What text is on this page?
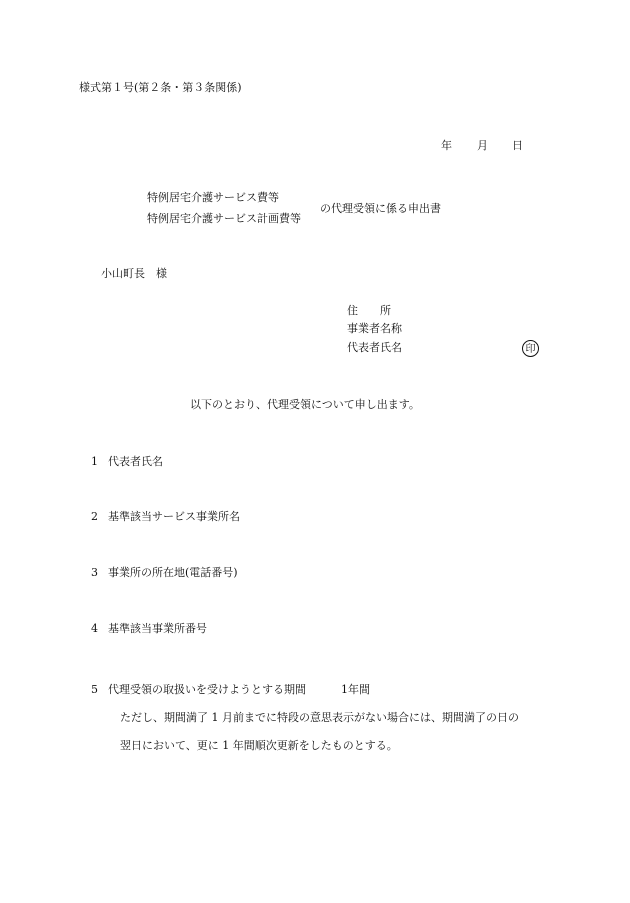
様式第１号(第２条・第３条関係)
年 月 日
特例居宅介護サービス費等
特例居宅介護サービス計画費等
の代理受領に係る申出書
小山町長　様
住　　所
事業者名称
代表者氏名	印
以下のとおり、代理受領について申し出ます。
1 代表者氏名
2 基準該当サービス事業所名
3 事業所の所在地(電話番号)
4 基準該当事業所番号
5 代理受領の取扱いを受けようとする期間	1年間
ただし、期間満了 1 月前までに特段の意思表示がない場合には、期間満了の日の
翌日において、更に 1 年間順次更新をしたものとする。
